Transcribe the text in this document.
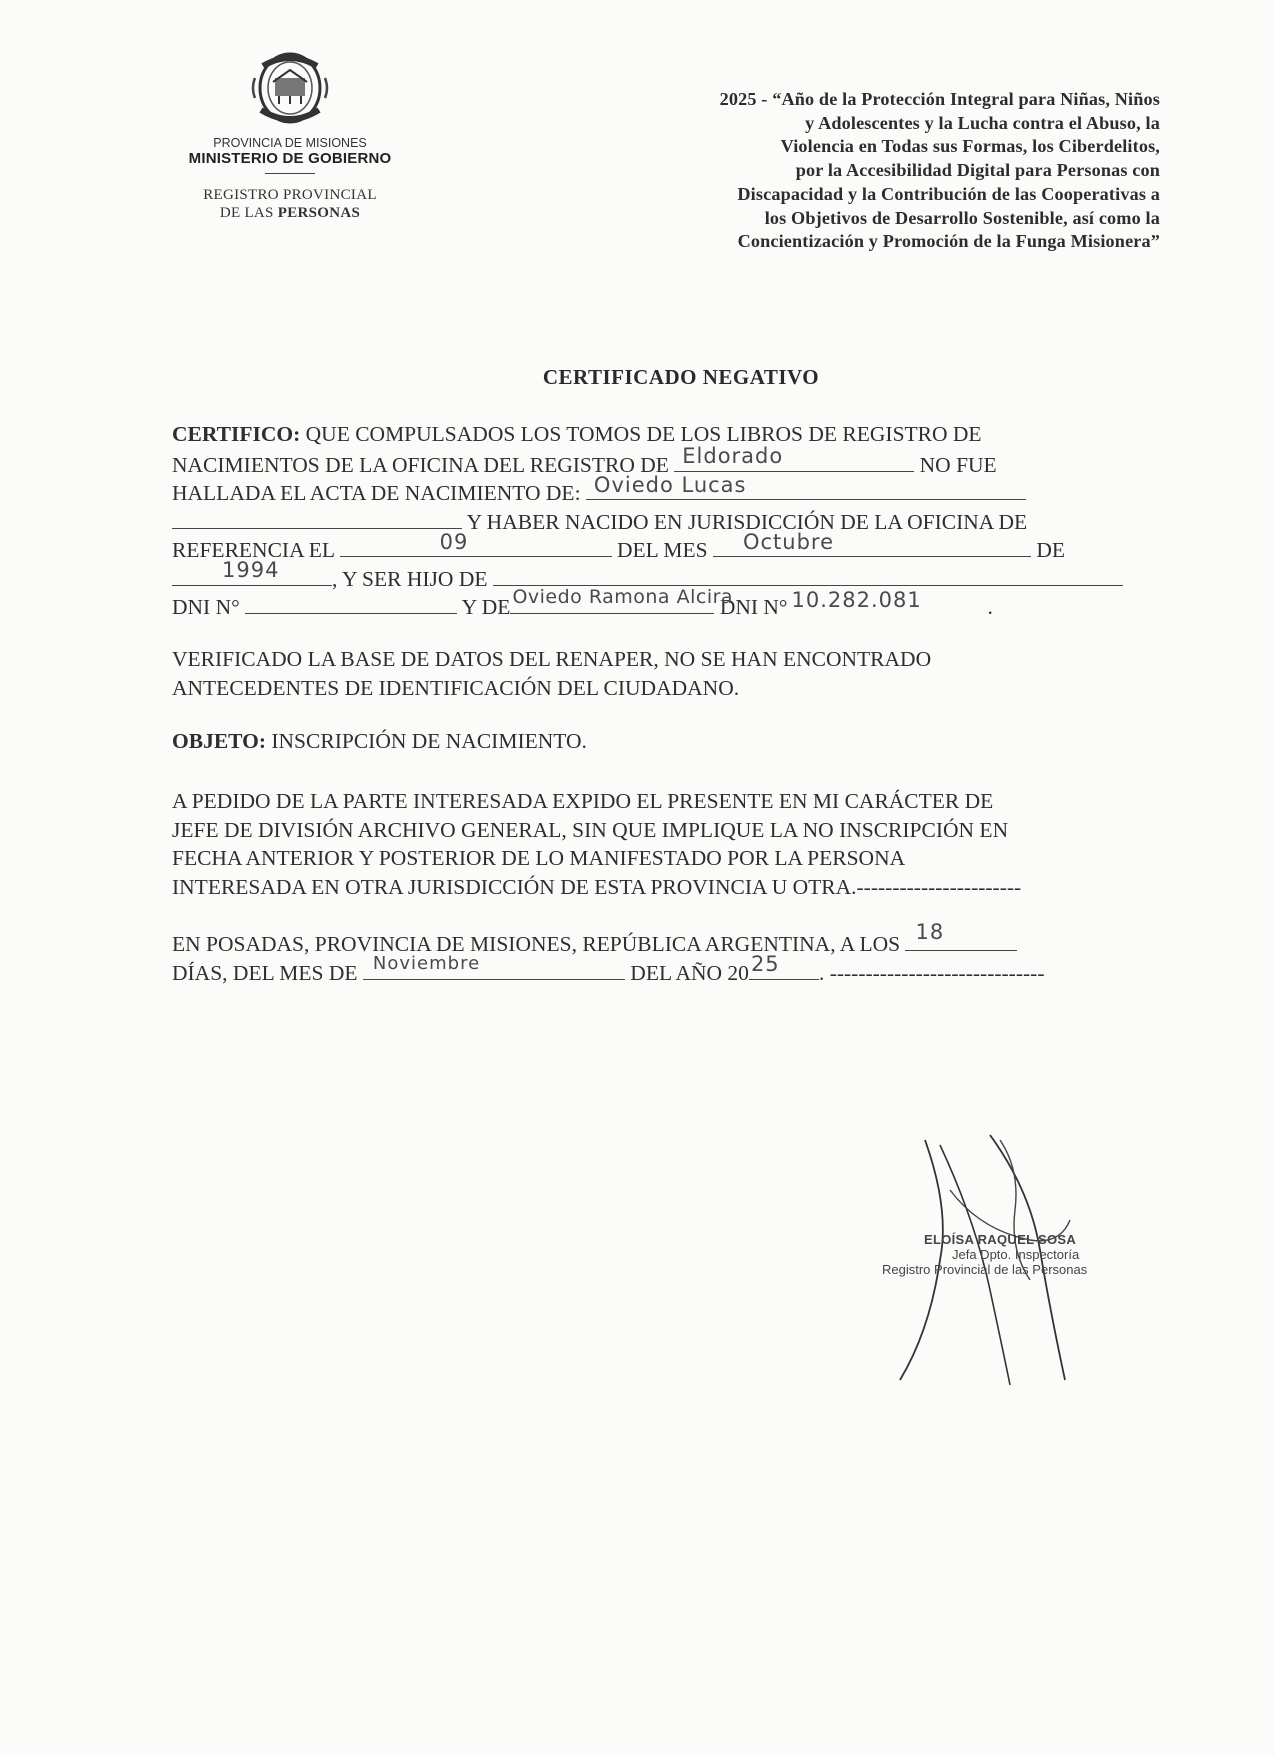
PROVINCIA DE MISIONES
MINISTERIO DE GOBIERNO
REGISTRO PROVINCIAL
DE LAS PERSONAS
2025 - “Año de la Protección Integral para Niñas, Niños
y Adolescentes y la Lucha contra el Abuso, la
Violencia en Todas sus Formas, los Ciberdelitos,
por la Accesibilidad Digital para Personas con
Discapacidad y la Contribución de las Cooperativas a
los Objetivos de Desarrollo Sostenible, así como la
Concientización y Promoción de la Funga Misionera”
CERTIFICADO NEGATIVO
CERTIFICO: QUE COMPULSADOS LOS TOMOS DE LOS LIBROS DE REGISTRO DE
NACIMIENTOS DE LA OFICINA DEL REGISTRO DE Eldorado	NO FUE
HALLADA EL ACTA DE NACIMIENTO DE: Oviedo Lucas
Y HABER NACIDO EN JURISDICCIÓN DE LA OFICINA DE
REFERENCIA EL	09	DEL MES Octubre	DE
1994 , Y SER HIJO DE
DNI N°	Y DE Oviedo Ramona Alcira
DNI N° 10.282.081	.
VERIFICADO LA BASE DE DATOS DEL RENAPER, NO SE HAN ENCONTRADO
ANTECEDENTES DE IDENTIFICACIÓN DEL CIUDADANO.
OBJETO: INSCRIPCIÓN DE NACIMIENTO.
A PEDIDO DE LA PARTE INTERESADA EXPIDO EL PRESENTE EN MI CARÁCTER DE
JEFE DE DIVISIÓN ARCHIVO GENERAL, SIN QUE IMPLIQUE LA NO INSCRIPCIÓN EN
FECHA ANTERIOR Y POSTERIOR DE LO MANIFESTADO POR LA PERSONA
INTERESADA EN OTRA JURISDICCIÓN DE ESTA PROVINCIA U OTRA.-----------------------
EN POSADAS, PROVINCIA DE MISIONES, REPÚBLICA ARGENTINA, A LOS
18
DÍAS, DEL MES DE Noviembre	DEL AÑO 20 25 . ------------------------------
ELOÍSA RAQUEL SOSA
Jefa Dpto. Inspectoría
Registro Provincial de las Personas
